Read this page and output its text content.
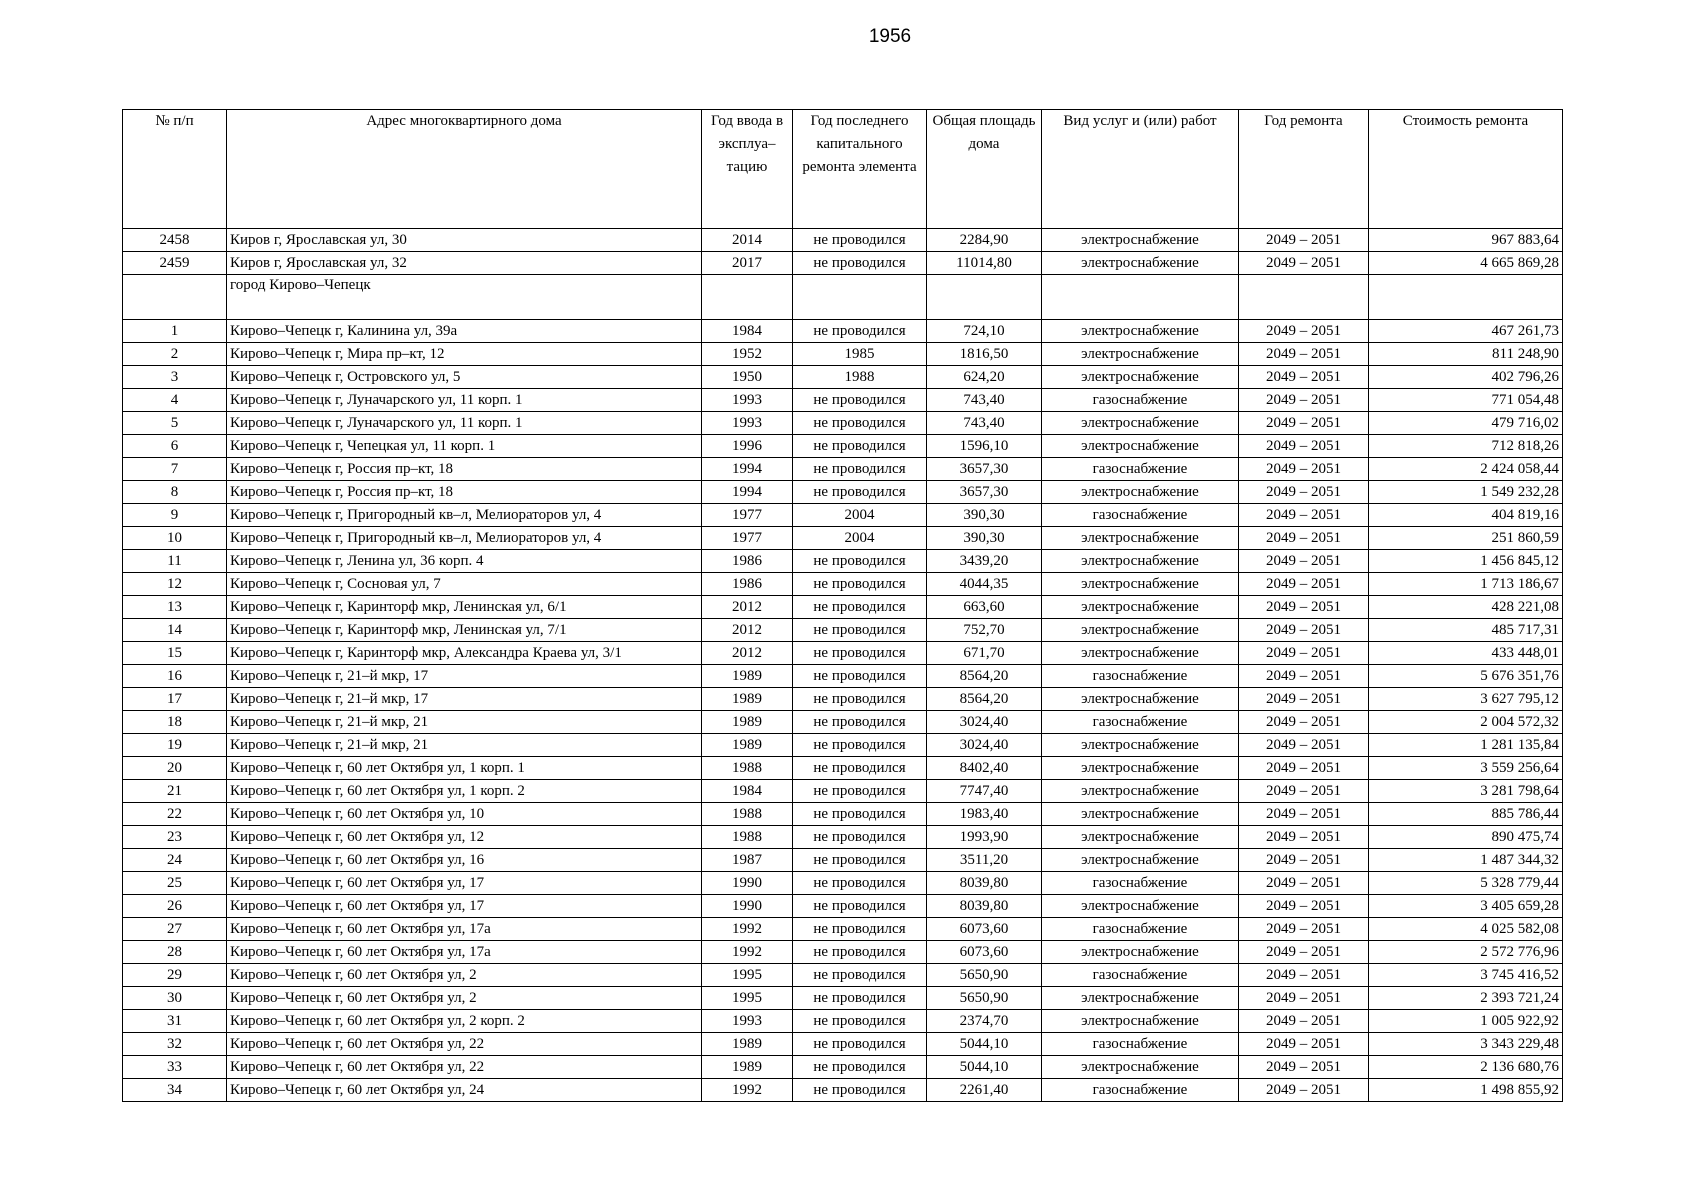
1956
№ п/п	Адрес многоквартирного дома	Год ввода в эксплуа– тацию	Год последнего капитального ремонта элемента	Общая площадь дома	Вид услуг и (или) работ	Год ремонта	Стоимость ремонта
2458	Киров г, Ярославская ул, 30	2014	не проводился	2284,90	электроснабжение	2049 – 2051	967 883,64
2459	Киров г, Ярославская ул, 32	2017	не проводился	11014,80	электроснабжение	2049 – 2051	4 665 869,28
	город Кирово–Чепецк						
1	Кирово–Чепецк г, Калинина ул, 39а	1984	не проводился	724,10	электроснабжение	2049 – 2051	467 261,73
2	Кирово–Чепецк г, Мира пр–кт, 12	1952	1985	1816,50	электроснабжение	2049 – 2051	811 248,90
3	Кирово–Чепецк г, Островского ул, 5	1950	1988	624,20	электроснабжение	2049 – 2051	402 796,26
4	Кирово–Чепецк г, Луначарского ул, 11 корп. 1	1993	не проводился	743,40	газоснабжение	2049 – 2051	771 054,48
5	Кирово–Чепецк г, Луначарского ул, 11 корп. 1	1993	не проводился	743,40	электроснабжение	2049 – 2051	479 716,02
6	Кирово–Чепецк г, Чепецкая ул, 11 корп. 1	1996	не проводился	1596,10	электроснабжение	2049 – 2051	712 818,26
7	Кирово–Чепецк г, Россия пр–кт, 18	1994	не проводился	3657,30	газоснабжение	2049 – 2051	2 424 058,44
8	Кирово–Чепецк г, Россия пр–кт, 18	1994	не проводился	3657,30	электроснабжение	2049 – 2051	1 549 232,28
9	Кирово–Чепецк г, Пригородный кв–л, Мелиораторов ул, 4	1977	2004	390,30	газоснабжение	2049 – 2051	404 819,16
10	Кирово–Чепецк г, Пригородный кв–л, Мелиораторов ул, 4	1977	2004	390,30	электроснабжение	2049 – 2051	251 860,59
11	Кирово–Чепецк г, Ленина ул, 36 корп. 4	1986	не проводился	3439,20	электроснабжение	2049 – 2051	1 456 845,12
12	Кирово–Чепецк г, Сосновая ул, 7	1986	не проводился	4044,35	электроснабжение	2049 – 2051	1 713 186,67
13	Кирово–Чепецк г, Каринторф мкр, Ленинская ул, 6/1	2012	не проводился	663,60	электроснабжение	2049 – 2051	428 221,08
14	Кирово–Чепецк г, Каринторф мкр, Ленинская ул, 7/1	2012	не проводился	752,70	электроснабжение	2049 – 2051	485 717,31
15	Кирово–Чепецк г, Каринторф мкр, Александра Краева ул, 3/1	2012	не проводился	671,70	электроснабжение	2049 – 2051	433 448,01
16	Кирово–Чепецк г, 21–й мкр, 17	1989	не проводился	8564,20	газоснабжение	2049 – 2051	5 676 351,76
17	Кирово–Чепецк г, 21–й мкр, 17	1989	не проводился	8564,20	электроснабжение	2049 – 2051	3 627 795,12
18	Кирово–Чепецк г, 21–й мкр, 21	1989	не проводился	3024,40	газоснабжение	2049 – 2051	2 004 572,32
19	Кирово–Чепецк г, 21–й мкр, 21	1989	не проводился	3024,40	электроснабжение	2049 – 2051	1 281 135,84
20	Кирово–Чепецк г, 60 лет Октября ул, 1 корп. 1	1988	не проводился	8402,40	электроснабжение	2049 – 2051	3 559 256,64
21	Кирово–Чепецк г, 60 лет Октября ул, 1 корп. 2	1984	не проводился	7747,40	электроснабжение	2049 – 2051	3 281 798,64
22	Кирово–Чепецк г, 60 лет Октября ул, 10	1988	не проводился	1983,40	электроснабжение	2049 – 2051	885 786,44
23	Кирово–Чепецк г, 60 лет Октября ул, 12	1988	не проводился	1993,90	электроснабжение	2049 – 2051	890 475,74
24	Кирово–Чепецк г, 60 лет Октября ул, 16	1987	не проводился	3511,20	электроснабжение	2049 – 2051	1 487 344,32
25	Кирово–Чепецк г, 60 лет Октября ул, 17	1990	не проводился	8039,80	газоснабжение	2049 – 2051	5 328 779,44
26	Кирово–Чепецк г, 60 лет Октября ул, 17	1990	не проводился	8039,80	электроснабжение	2049 – 2051	3 405 659,28
27	Кирово–Чепецк г, 60 лет Октября ул, 17а	1992	не проводился	6073,60	газоснабжение	2049 – 2051	4 025 582,08
28	Кирово–Чепецк г, 60 лет Октября ул, 17а	1992	не проводился	6073,60	электроснабжение	2049 – 2051	2 572 776,96
29	Кирово–Чепецк г, 60 лет Октября ул, 2	1995	не проводился	5650,90	газоснабжение	2049 – 2051	3 745 416,52
30	Кирово–Чепецк г, 60 лет Октября ул, 2	1995	не проводился	5650,90	электроснабжение	2049 – 2051	2 393 721,24
31	Кирово–Чепецк г, 60 лет Октября ул, 2 корп. 2	1993	не проводился	2374,70	электроснабжение	2049 – 2051	1 005 922,92
32	Кирово–Чепецк г, 60 лет Октября ул, 22	1989	не проводился	5044,10	газоснабжение	2049 – 2051	3 343 229,48
33	Кирово–Чепецк г, 60 лет Октября ул, 22	1989	не проводился	5044,10	электроснабжение	2049 – 2051	2 136 680,76
34	Кирово–Чепецк г, 60 лет Октября ул, 24	1992	не проводился	2261,40	газоснабжение	2049 – 2051	1 498 855,92
